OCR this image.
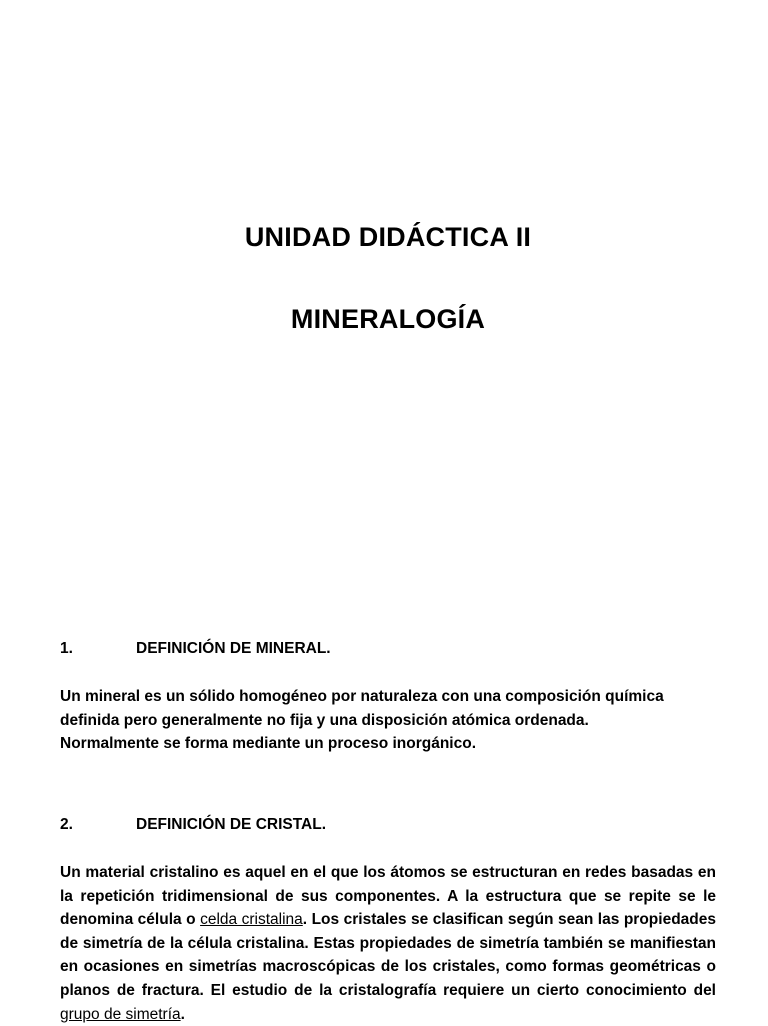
UNIDAD DIDÁCTICA II
MINERALOGÍA
1.	DEFINICIÓN DE MINERAL.
Un mineral es un sólido homogéneo por naturaleza con una composición química
definida pero generalmente no fija y una disposición atómica ordenada.
Normalmente se forma mediante un proceso inorgánico.
2.	DEFINICIÓN DE CRISTAL.
Un material cristalino es aquel en el que los átomos se estructuran en redes basadas en la repetición tridimensional de sus componentes. A la estructura que se repite se le denomina célula o celda cristalina. Los cristales se clasifican según sean las propiedades de simetría de la célula cristalina. Estas propiedades de simetría también se manifiestan en ocasiones en simetrías macroscópicas de los cristales, como formas geométricas o planos de fractura. El estudio de la cristalografía requiere un cierto conocimiento del grupo de simetría.
